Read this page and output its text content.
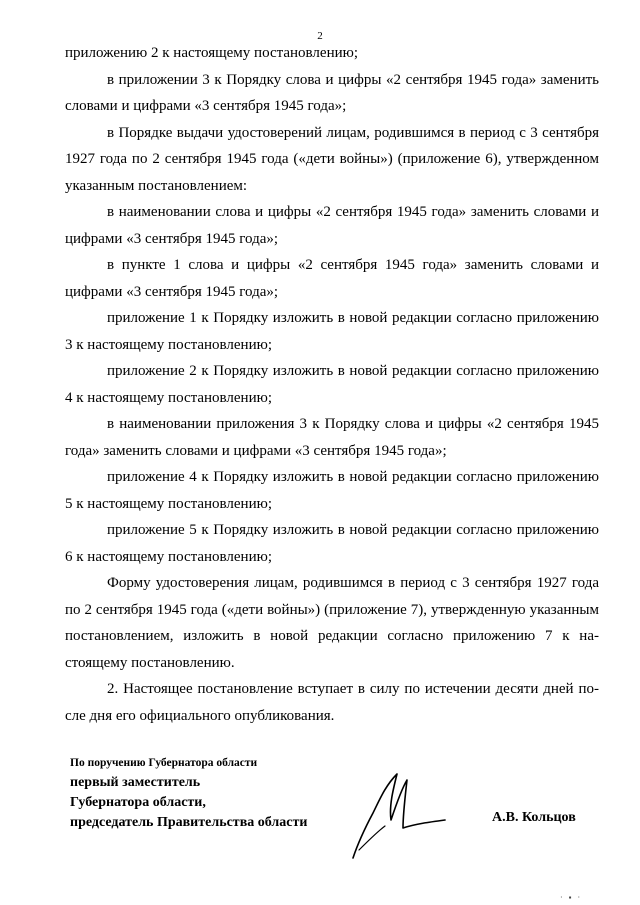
2

приложению 2 к настоящему постановлению;

в приложении 3 к Порядку слова и цифры «2 сентября 1945 года» заменить словами и цифрами «3 сентября 1945 года»;

в Порядке выдачи удостоверений лицам, родившимся в период с 3 сентября 1927 года по 2 сентября 1945 года («дети войны») (приложение 6), утвержденном указанным постановлением:

в наименовании слова и цифры «2 сентября 1945 года» заменить словами и цифрами «3 сентября 1945 года»;

в пункте 1 слова и цифры «2 сентября 1945 года» заменить словами и цифрами «3 сентября 1945 года»;

приложение 1 к Порядку изложить в новой редакции согласно приложению 3 к настоящему постановлению;

приложение 2 к Порядку изложить в новой редакции согласно приложению 4 к настоящему постановлению;

в наименовании приложения 3 к Порядку слова и цифры «2 сентября 1945 года» заменить словами и цифрами «3 сентября 1945 года»;

приложение 4 к Порядку изложить в новой редакции согласно приложению 5 к настоящему постановлению;

приложение 5 к Порядку изложить в новой редакции согласно приложению 6 к настоящему постановлению;

Форму удостоверения лицам, родившимся в период с 3 сентября 1927 года по 2 сентября 1945 года («дети войны») (приложение 7), утвержденную указанным постановлением, изложить в новой редакции согласно приложению 7 к настоящему постановлению.

2. Настоящее постановление вступает в силу по истечении десяти дней после дня его официального опубликования.

По поручению Губернатора области
первый заместитель
Губернатора области,
председатель Правительства области	А.В. Кольцов
· ▪ ·
